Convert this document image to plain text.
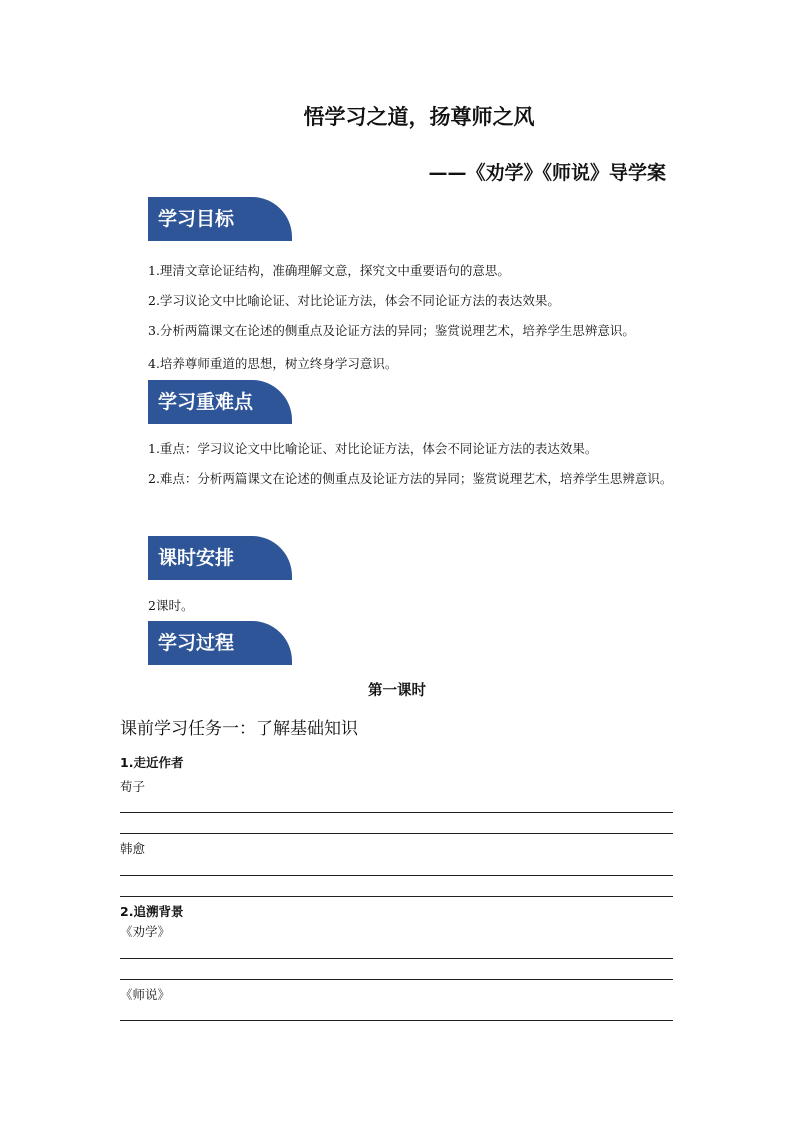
悟学习之道，扬尊师之风
——《劝学》《师说》导学案
学习目标
1.理清文章论证结构，准确理解文意，探究文中重要语句的意思。
2.学习议论文中比喻论证、对比论证方法，体会不同论证方法的表达效果。
3.分析两篇课文在论述的侧重点及论证方法的异同；鉴赏说理艺术，培养学生思辨意识。
4.培养尊师重道的思想，树立终身学习意识。
学习重难点
1.重点：学习议论文中比喻论证、对比论证方法，体会不同论证方法的表达效果。
2.难点：分析两篇课文在论述的侧重点及论证方法的异同；鉴赏说理艺术，培养学生思辨意识。
课时安排
2课时。
学习过程
第一课时
课前学习任务一：了解基础知识
1.走近作者
荀子
韩愈
2.追溯背景
《劝学》
《师说》
